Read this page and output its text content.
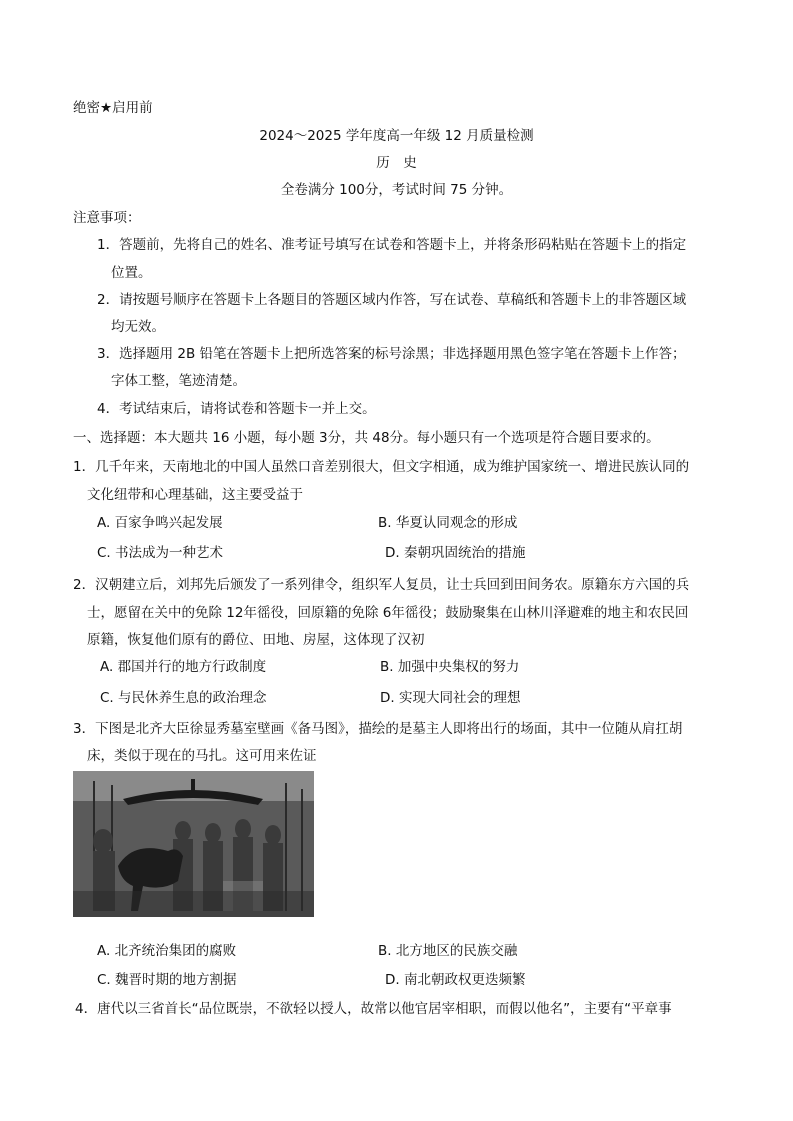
绝密★启用前
2024～2025 学年度高一年级 12 月质量检测
历　史
全卷满分 100分，考试时间 75 分钟。
注意事项：
1．答题前，先将自己的姓名、准考证号填写在试卷和答题卡上，并将条形码粘贴在答题卡上的指定
位置。
2．请按题号顺序在答题卡上各题目的答题区域内作答，写在试卷、草稿纸和答题卡上的非答题区域
均无效。
3．选择题用 2B 铅笔在答题卡上把所选答案的标号涂黑；非选择题用黑色签字笔在答题卡上作答；
字体工整，笔迹清楚。
4．考试结束后，请将试卷和答题卡一并上交。
一、选择题：本大题共 16 小题，每小题 3分，共 48分。每小题只有一个选项是符合题目要求的。
1．几千年来，天南地北的中国人虽然口音差别很大，但文字相通，成为维护国家统一、增进民族认同的
文化纽带和心理基础，这主要受益于
A. 百家争鸣兴起发展	B. 华夏认同观念的形成
C. 书法成为一种艺术	D. 秦朝巩固统治的措施
2．汉朝建立后，刘邦先后颁发了一系列律令，组织军人复员，让士兵回到田间务农。原籍东方六国的兵
士，愿留在关中的免除 12年徭役，回原籍的免除 6年徭役；鼓励聚集在山林川泽避难的地主和农民回
原籍，恢复他们原有的爵位、田地、房屋，这体现了汉初
A. 郡国并行的地方行政制度	B. 加强中央集权的努力
C. 与民休养生息的政治理念	D. 实现大同社会的理想
3．下图是北齐大臣徐显秀墓室壁画《备马图》，描绘的是墓主人即将出行的场面，其中一位随从肩扛胡
床，类似于现在的马扎。这可用来佐证
A. 北齐统治集团的腐败	B. 北方地区的民族交融
C. 魏晋时期的地方割据	D. 南北朝政权更迭频繁
4．唐代以三省首长“品位既崇，不欲轻以授人，故常以他官居宰相职，而假以他名”，主要有“平章事
